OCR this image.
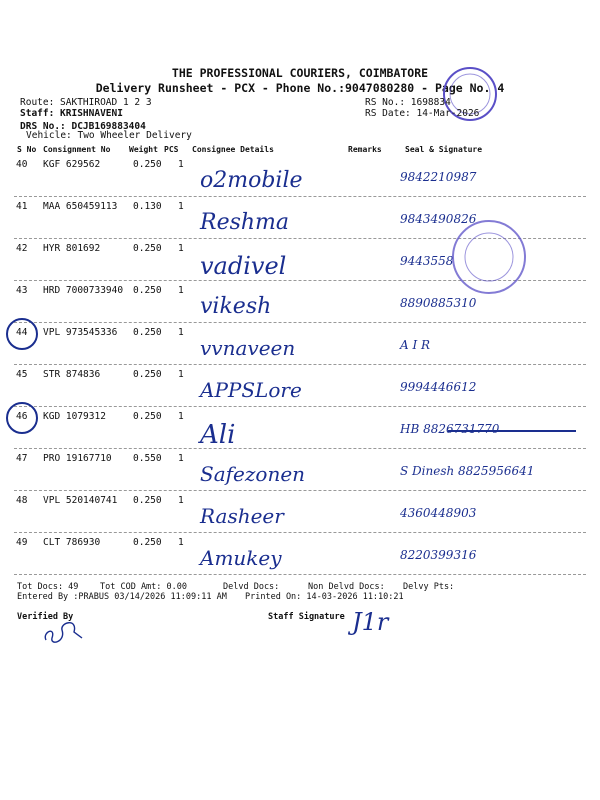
THE PROFESSIONAL COURIERS, COIMBATORE
Delivery Runsheet - PCX - Phone No.:9047080280 - Page No. 4
Route: SAKTHIROAD 1 2 3
Staff: KRISHNAVENI
DRS No.: DCJB169883404
Vehicle: Two Wheeler Delivery
RS No.: 1698834
RS Date: 14-Mar-2026
S No Consignment No Weight PCS Consignee Details	Remarks	Seal & Signature
40 KGF 629562	0.250 1
o2mobile	9842210987
41 MAA 650459113 0.130 1
Reshma	9843490826
42 HYR 801692	0.250 1
vadivel	9443558
43 HRD 7000733940 0.250 1
vikesh	8890885310
44 VPL 973545336 0.250 1
vvnaveen	A I R
45 STR 874836	0.250 1
APPSLore	9994446612
46 KGD 1079312	0.250 1
Ali	HB 8826731770
47 PRO 19167710 0.550 1
Safezonen	S Dinesh 8825956641
48 VPL 520140741 0.250 1
Rasheer	4360448903
49 CLT 786930	0.250 1
Amukey	8220399316
Tot Docs: 49	Tot COD Amt: 0.00	Delvd Docs:	Non Delvd Docs: Delvy Pts:
Entered By :PRABUS 03/14/2026 11:09:11 AM Printed On: 14-03-2026 11:10:21
Verified By	Staff Signature J1r
